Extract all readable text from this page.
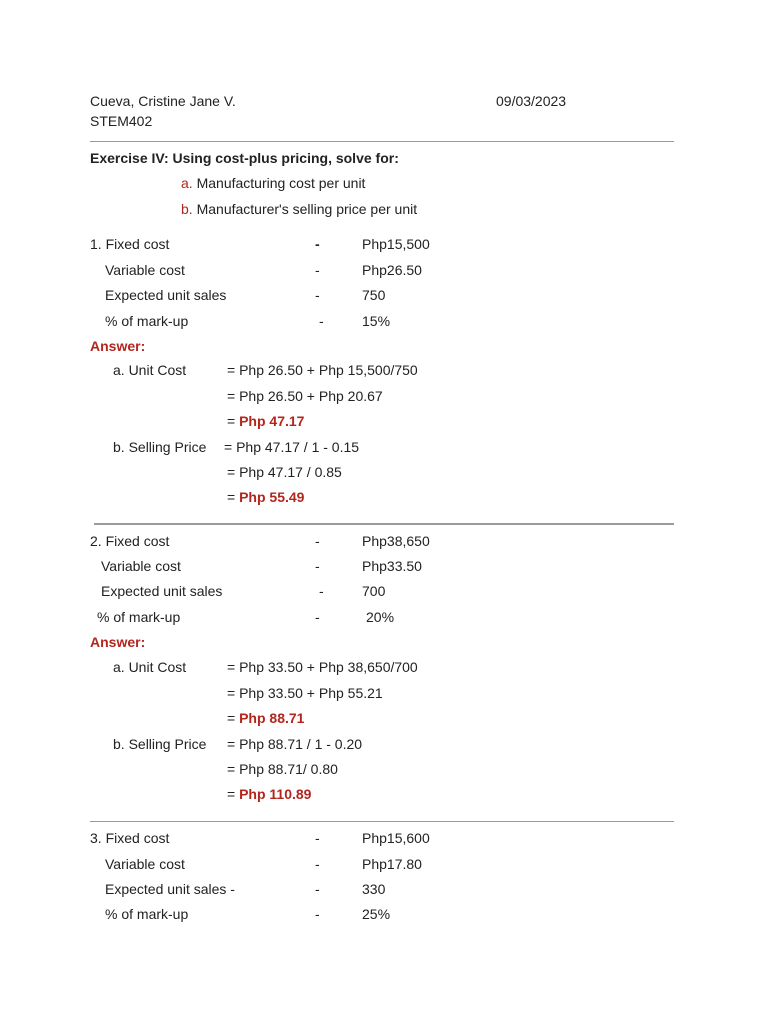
Cueva, Cristine Jane V.
STEM402
09/03/2023
Exercise IV: Using cost-plus pricing, solve for:
a. Manufacturing cost per unit
b. Manufacturer's selling price per unit
1. Fixed cost	-	Php15,500
Variable cost	-	Php26.50
Expected unit sales	-	750
% of mark-up	-	15%
Answer:
a. Unit Cost	= Php 26.50 + Php 15,500/750
= Php 26.50 + Php 20.67
= Php 47.17
b. Selling Price = Php 47.17 / 1 - 0.15
= Php 47.17 / 0.85
= Php 55.49
2. Fixed cost	-	Php38,650
Variable cost	-	Php33.50
Expected unit sales	-	700
% of mark-up	-	20%
Answer:
a. Unit Cost	= Php 33.50 + Php 38,650/700
= Php 33.50 + Php 55.21
= Php 88.71
b. Selling Price = Php 88.71 / 1 - 0.20
= Php 88.71/ 0.80
= Php 110.89
3. Fixed cost	-	Php15,600
Variable cost	-	Php17.80
Expected unit sales -	-	330
% of mark-up	-	25%
